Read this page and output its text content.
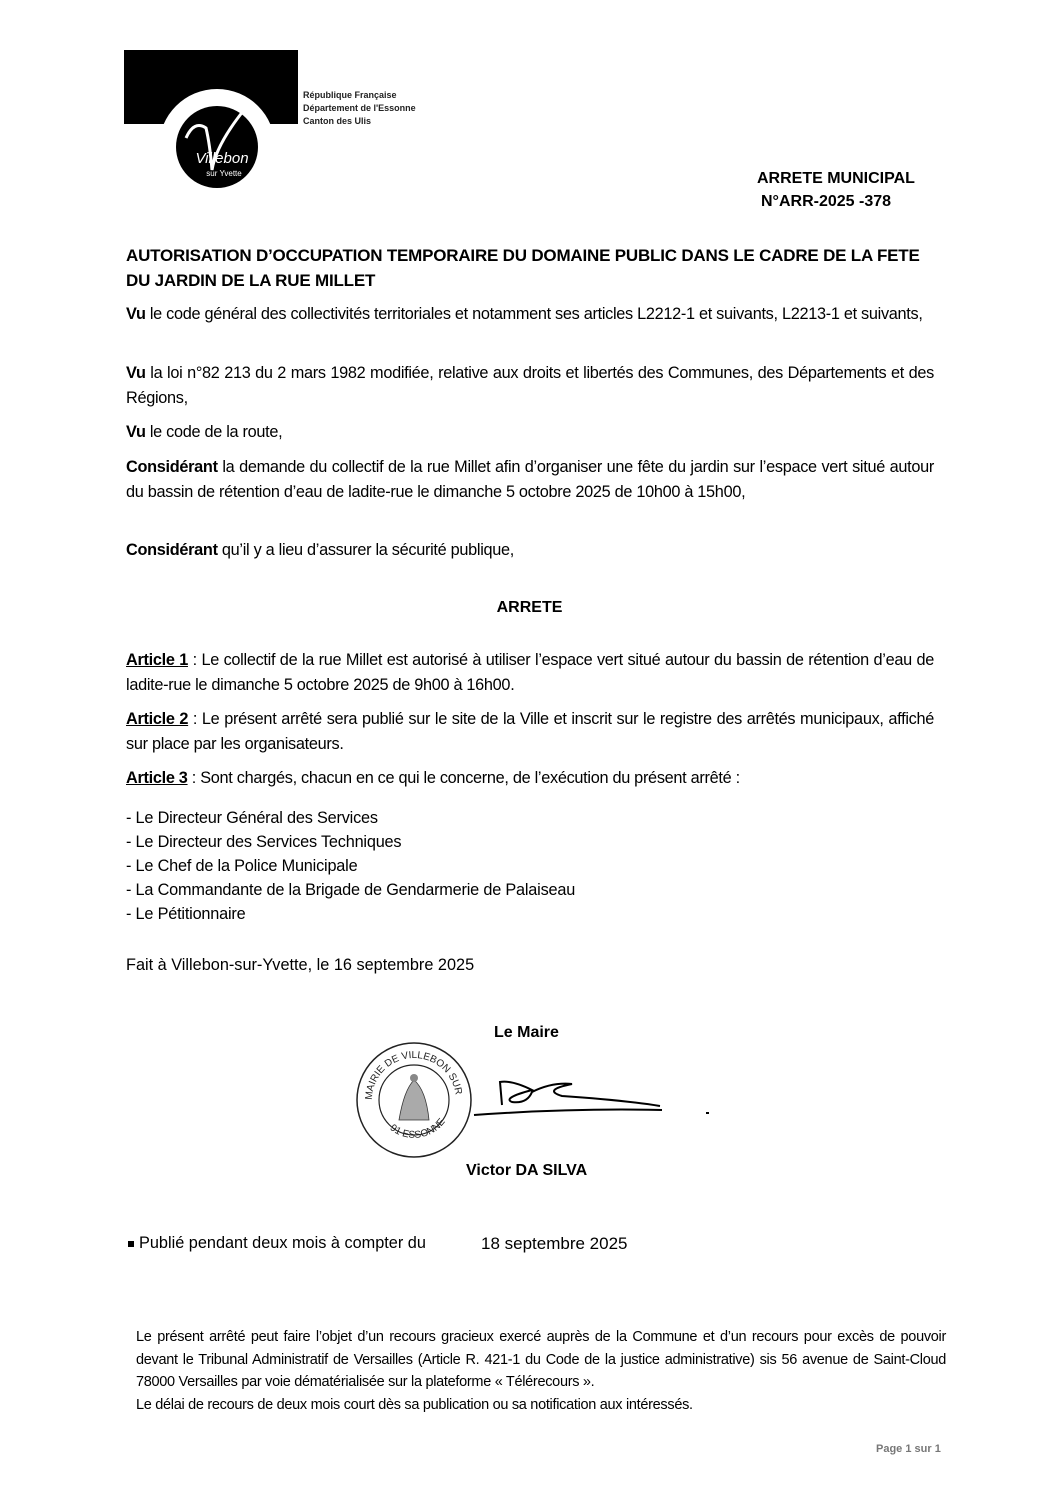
Villebon
sur Yvette
République Française
Département de l'Essonne
Canton des Ulis
ARRETE MUNICIPAL
N°ARR-2025 -378
AUTORISATION D’OCCUPATION TEMPORAIRE DU DOMAINE PUBLIC DANS LE CADRE DE LA FETE DU JARDIN DE LA RUE MILLET
Vu le code général des collectivités territoriales et notamment ses articles L2212-1 et suivants, L2213-1 et suivants,
Vu la loi n°82 213 du 2 mars 1982 modifiée, relative aux droits et libertés des Communes, des Départements et des Régions,
Vu le code de la route,
Considérant la demande du collectif de la rue Millet afin d’organiser une fête du jardin sur l’espace vert situé autour du bassin de rétention d’eau de ladite-rue le dimanche 5 octobre 2025 de 10h00 à 15h00,
Considérant qu’il y a lieu d’assurer la sécurité publique,
ARRETE
Article 1 : Le collectif de la rue Millet est autorisé à utiliser l’espace vert situé autour du bassin de rétention d’eau de ladite-rue le dimanche 5 octobre 2025 de 9h00 à 16h00.
Article 2 : Le présent arrêté sera publié sur le site de la Ville et inscrit sur le registre des arrêtés municipaux, affiché sur place par les organisateurs.
Article 3 : Sont chargés, chacun en ce qui le concerne, de l’exécution du présent arrêté :
- Le Directeur Général des Services
- Le Directeur des Services Techniques
- Le Chef de la Police Municipale
- La Commandante de la Brigade de Gendarmerie de Palaiseau
- Le Pétitionnaire
Fait à Villebon-sur-Yvette, le 16 septembre 2025
Le Maire
MAIRIE DE VILLEBON SUR
91 ESSONNE
Victor DA SILVA
Publié pendant deux mois à compter du	18 septembre 2025
Le présent arrêté peut faire l’objet d’un recours gracieux exercé auprès de la Commune et d’un recours pour excès de pouvoir devant le Tribunal Administratif de Versailles (Article R. 421-1 du Code de la justice administrative) sis 56 avenue de Saint-Cloud 78000 Versailles par voie dématérialisée sur la plateforme « Télérecours ».
Le délai de recours de deux mois court dès sa publication ou sa notification aux intéressés.
Page 1 sur 1
